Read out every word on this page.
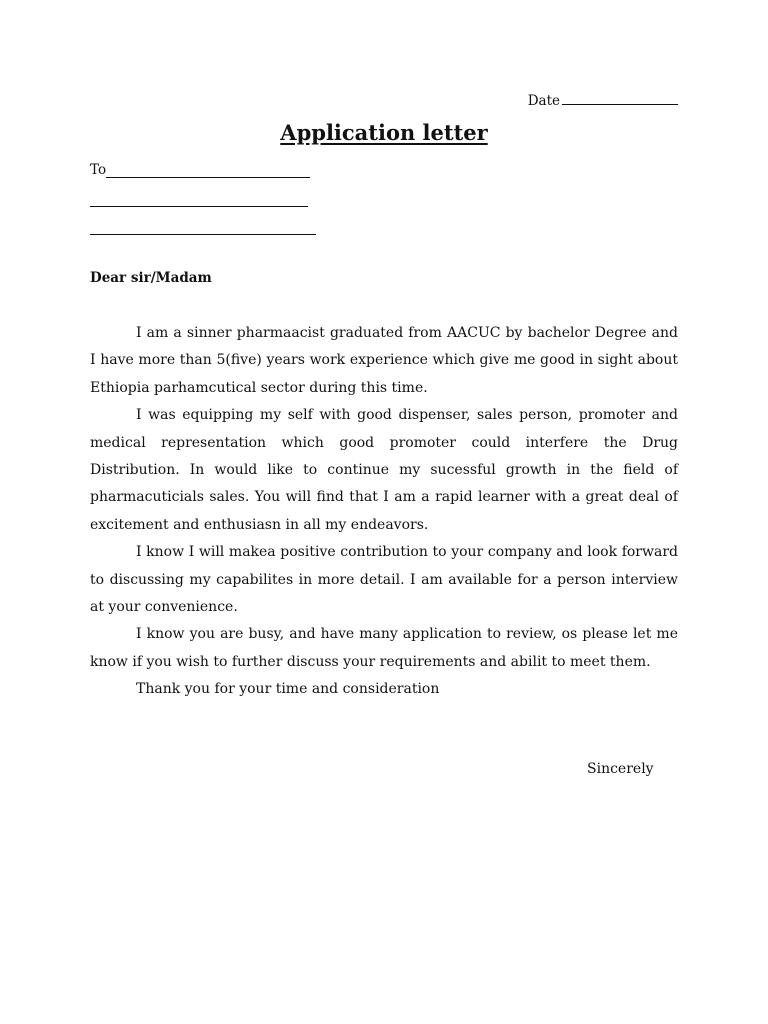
Date
Application letter
To
Dear sir/Madam

I am a sinner pharmaacist graduated from AACUC by bachelor Degree and I have more than 5(five) years work experience which give me good in sight about Ethiopia parhamcutical sector during this time.

I was equipping my self with good dispenser, sales person, promoter and medical representation which good promoter could interfere the Drug Distribution. In would like to continue my sucessful growth in the field of pharmacuticials sales. You will find that I am a rapid learner with a great deal of excitement and enthusiasn in all my endeavors.

I know I will makea positive contribution to your company and look forward to discussing my capabilites in more detail. I am available for a person interview at your convenience.

I know you are busy, and have many application to review, os please let me know if you wish to further discuss your requirements and abilit to meet them.

Thank you for your time and consideration

Sincerely
